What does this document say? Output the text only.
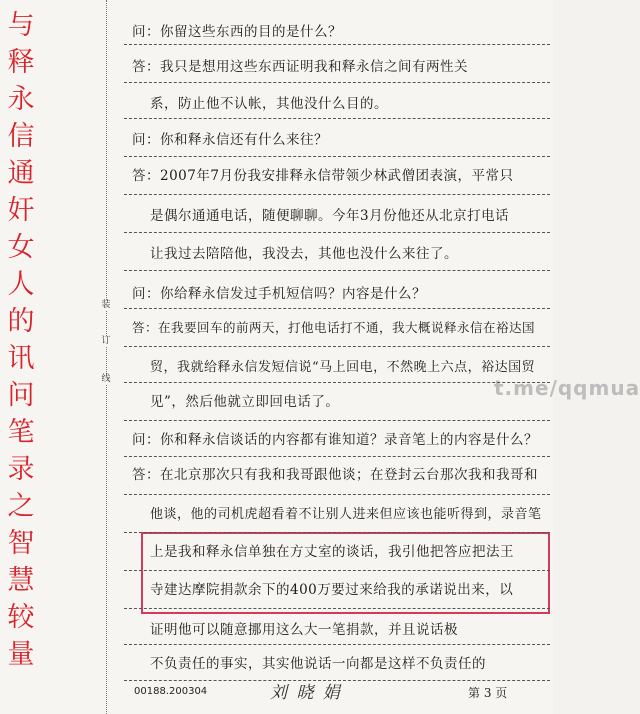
与
释
永
信
通
奸
女
人
的
讯
问
笔
录
之
智
慧
较
量
装
订
线	t.me/qqmua
00188.200304	刘 晓 娟	第 3 页
问：你留这些东西的目的是什么？
答：我只是想用这些东西证明我和释永信之间有两性关
系，防止他不认帐，其他没什么目的。
问：你和释永信还有什么来往？
答：2007年7月份我安排释永信带领少林武僧团表演，平常只
是偶尔通通电话，随便聊聊。今年3月份他还从北京打电话
让我过去陪陪他，我没去，其他也没什么来往了。
问：你给释永信发过手机短信吗？内容是什么？
答：在我要回车的前两天，打他电话打不通，我大概说释永信在裕达国
贸，我就给释永信发短信说“马上回电，不然晚上六点，裕达国贸
见”，然后他就立即回电话了。
问：你和释永信谈话的内容都有谁知道？录音笔上的内容是什么？
答：在北京那次只有我和我哥跟他谈；在登封云台那次我和我哥和
他谈，他的司机虎超看着不让别人进来但应该也能听得到，录音笔
上是我和释永信单独在方丈室的谈话，我引他把答应把法王
寺建达摩院捐款余下的400万要过来给我的承诺说出来，以
证明他可以随意挪用这么大一笔捐款，并且说话极
不负责任的事实，其实他说话一向都是这样不负责任的
